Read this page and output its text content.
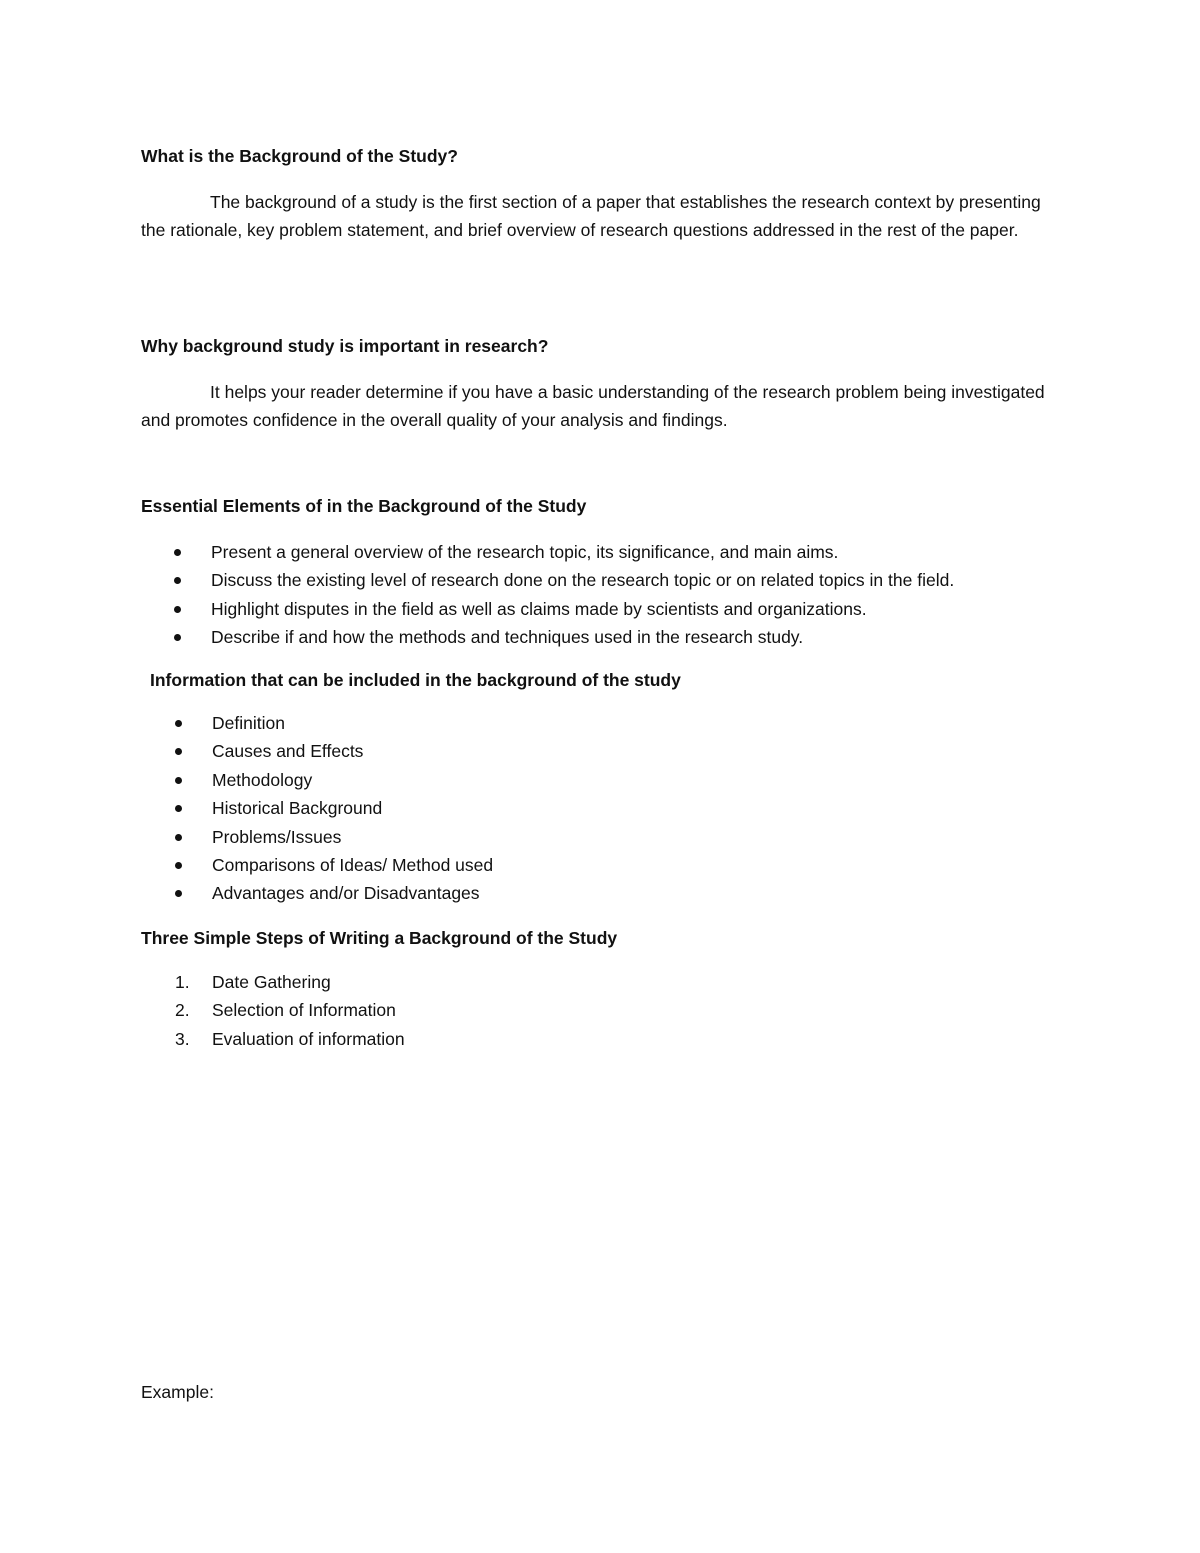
What is the Background of the Study?

The background of a study is the first section of a paper that establishes the research context by presenting the rationale, key problem statement, and brief overview of research questions addressed in the rest of the paper.

Why background study is important in research?

It helps your reader determine if you have a basic understanding of the research problem being investigated and promotes confidence in the overall quality of your analysis and findings.

Essential Elements of in the Background of the Study
Present a general overview of the research topic, its significance, and main aims.
Discuss the existing level of research done on the research topic or on related topics in the field.
Highlight disputes in the field as well as claims made by scientists and organizations.
Describe if and how the methods and techniques used in the research study.
Information that can be included in the background of the study
Definition
Causes and Effects
Methodology
Historical Background
Problems/Issues
Comparisons of Ideas/ Method used
Advantages and/or Disadvantages
Three Simple Steps of Writing a Background of the Study
1. Date Gathering
2. Selection of Information
3. Evaluation of information
Example:
